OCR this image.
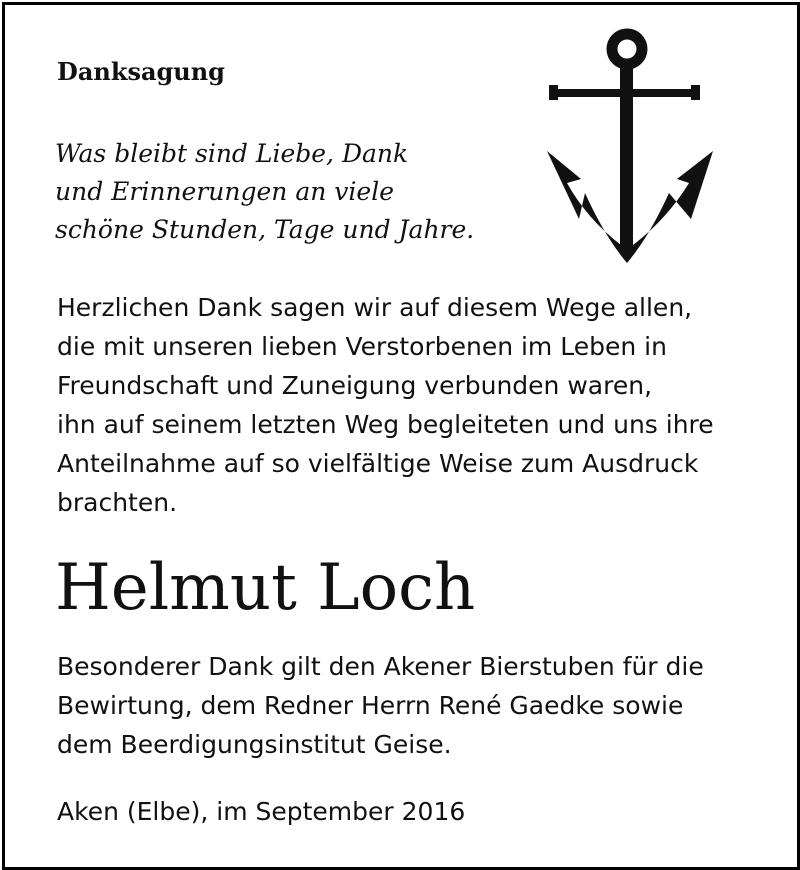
Danksagung

Was bleibt sind Liebe, Dank
und Erinnerungen an viele
schöne Stunden, Tage und Jahre.

Herzlichen Dank sagen wir auf diesem Wege allen,
die mit unseren lieben Verstorbenen im Leben in
Freundschaft und Zuneigung verbunden waren,
ihn auf seinem letzten Weg begleiteten und uns ihre
Anteilnahme auf so vielfältige Weise zum Ausdruck
brachten.

Helmut Loch

Besonderer Dank gilt den Akener Bierstuben für die
Bewirtung, dem Redner Herrn René Gaedke sowie
dem Beerdigungsinstitut Geise.

Aken (Elbe), im September 2016
